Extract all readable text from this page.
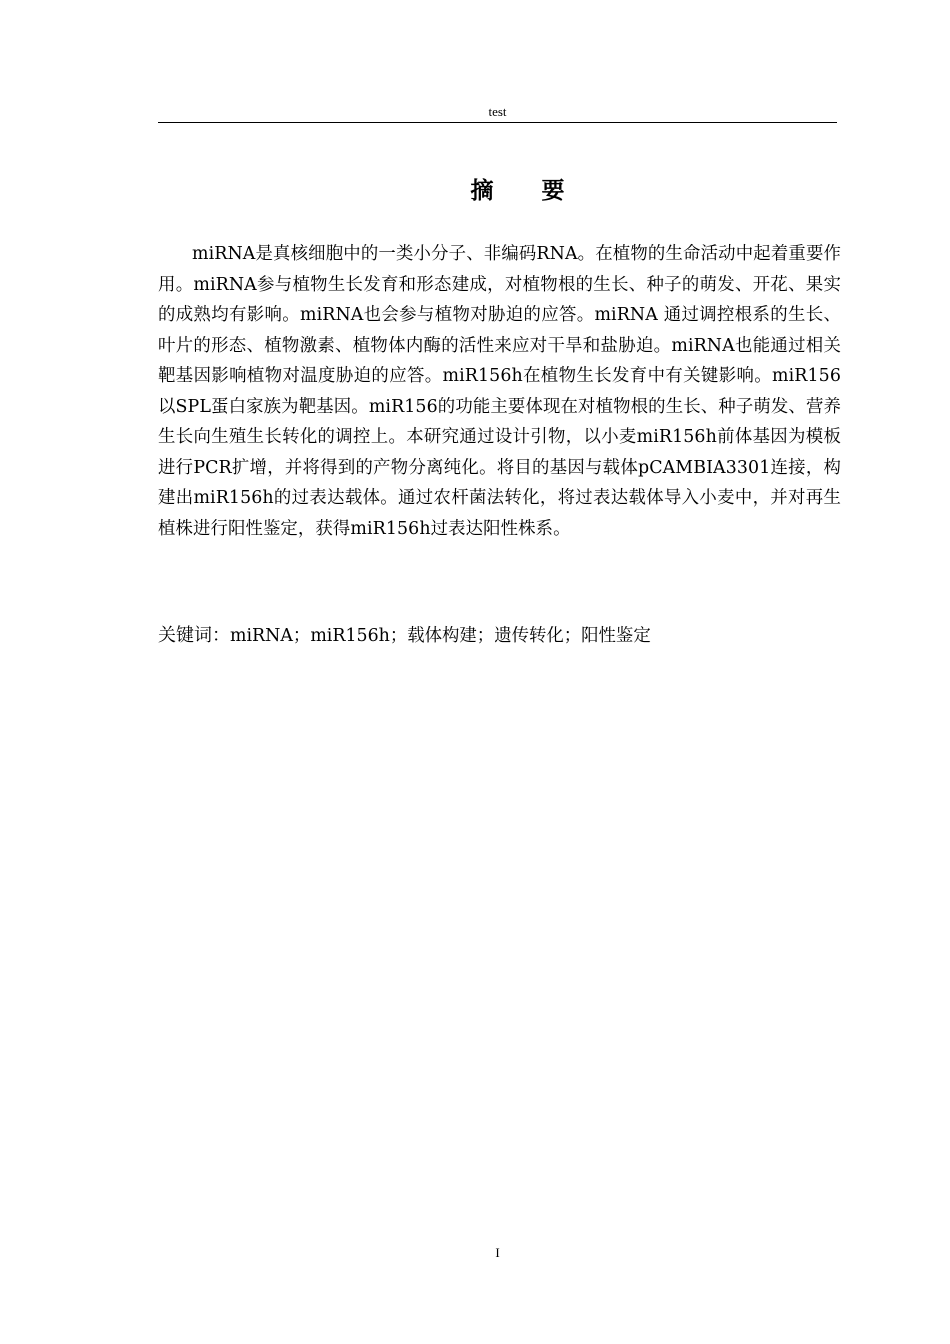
test
摘 要

miRNA是真核细胞中的一类小分子、非编码RNA。在植物的生命活动中起着重要作用。miRNA参与植物生长发育和形态建成，对植物根的生长、种子的萌发、开花、果实的成熟均有影响。miRNA也会参与植物对胁迫的应答。miRNA 通过调控根系的生长、叶片的形态、植物激素、植物体内酶的活性来应对干旱和盐胁迫。miRNA也能通过相关靶基因影响植物对温度胁迫的应答。miR156h在植物生长发育中有关键影响。miR156以SPL蛋白家族为靶基因。miR156的功能主要体现在对植物根的生长、种子萌发、营养生长向生殖生长转化的调控上。本研究通过设计引物，以小麦miR156h前体基因为模板进行PCR扩增，并将得到的产物分离纯化。将目的基因与载体pCAMBIA3301连接，构建出miR156h的过表达载体。通过农杆菌法转化，将过表达载体导入小麦中，并对再生植株进行阳性鉴定，获得miR156h过表达阳性株系。

关键词：miRNA；miR156h；载体构建；遗传转化；阳性鉴定
I
